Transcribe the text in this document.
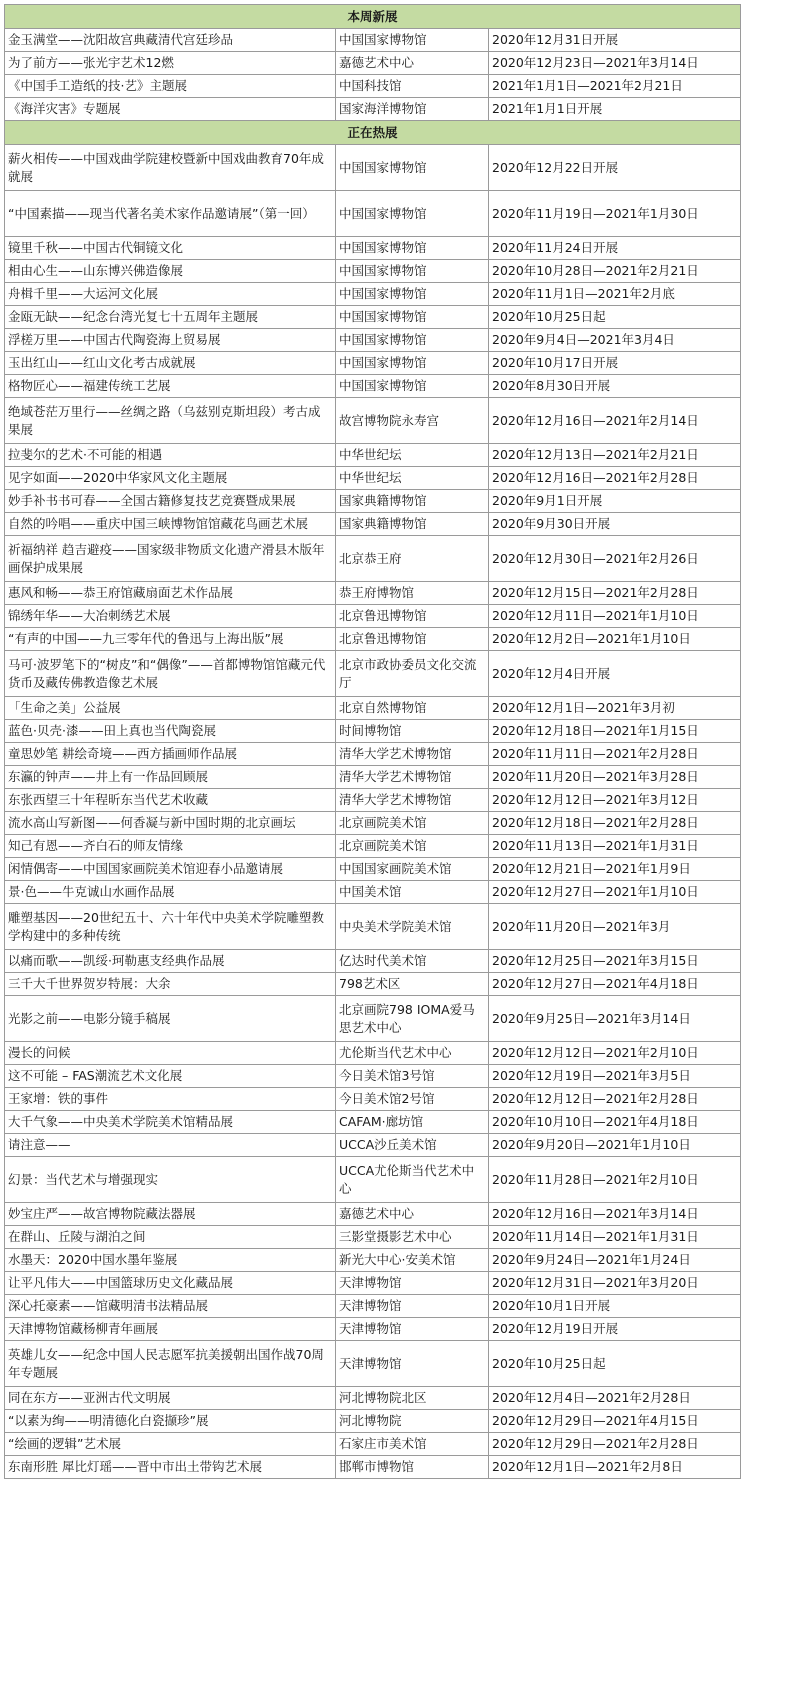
本周新展		
金玉满堂——沈阳故宫典藏清代宫廷珍品	中国国家博物馆	2020年12月31日开展
为了前方——张光宇艺术12燃	嘉德艺术中心	2020年12月23日—2021年3月14日
《中国手工造纸的技·艺》主题展	中国科技馆	2021年1月1日—2021年2月21日
《海洋灾害》专题展	国家海洋博物馆	2021年1月1日开展
正在热展		
薪火相传——中国戏曲学院建校暨新中国戏曲教育70年成就展	中国国家博物馆	2020年12月22日开展
“中国素描——现当代著名美术家作品邀请展”（第一回）	中国国家博物馆	2020年11月19日—2021年1月30日
镜里千秋——中国古代铜镜文化	中国国家博物馆	2020年11月24日开展
相由心生——山东博兴佛造像展	中国国家博物馆	2020年10月28日—2021年2月21日
舟楫千里——大运河文化展	中国国家博物馆	2020年11月1日—2021年2月底
金瓯无缺——纪念台湾光复七十五周年主题展	中国国家博物馆	2020年10月25日起
浮槎万里——中国古代陶瓷海上贸易展	中国国家博物馆	2020年9月4日—2021年3月4日
玉出红山——红山文化考古成就展	中国国家博物馆	2020年10月17日开展
格物匠心——福建传统工艺展	中国国家博物馆	2020年8月30日开展
绝域苍茫万里行——丝绸之路（乌兹别克斯坦段）考古成果展	故宫博物院永寿宫	2020年12月16日—2021年2月14日
拉斐尔的艺术·不可能的相遇	中华世纪坛	2020年12月13日—2021年2月21日
见字如面——2020中华家风文化主题展	中华世纪坛	2020年12月16日—2021年2月28日
妙手补书书可春——全国古籍修复技艺竞赛暨成果展	国家典籍博物馆	2020年9月1日开展
自然的吟唱——重庆中国三峡博物馆馆藏花鸟画艺术展	国家典籍博物馆	2020年9月30日开展
祈福纳祥 趋吉避疫——国家级非物质文化遗产滑县木版年画保护成果展	北京恭王府	2020年12月30日—2021年2月26日
惠风和畅——恭王府馆藏扇面艺术作品展	恭王府博物馆	2020年12月15日—2021年2月28日
锦绣年华——大冶刺绣艺术展	北京鲁迅博物馆	2020年12月11日—2021年1月10日
“有声的中国——九三零年代的鲁迅与上海出版”展	北京鲁迅博物馆	2020年12月2日—2021年1月10日
马可·波罗笔下的“树皮”和“偶像”——首都博物馆馆藏元代货币及藏传佛教造像艺术展	北京市政协委员文化交流厅	2020年12月4日开展
「生命之美」公益展	北京自然博物馆	2020年12月1日—2021年3月初
蓝色·贝壳·漆——田上真也当代陶瓷展	时间博物馆	2020年12月18日—2021年1月15日
童思妙笔 耕绘奇境——西方插画师作品展	清华大学艺术博物馆	2020年11月11日—2021年2月28日
东瀛的钟声——井上有一作品回顾展	清华大学艺术博物馆	2020年11月20日—2021年3月28日
东张西望三十年程昕东当代艺术收藏	清华大学艺术博物馆	2020年12月12日—2021年3月12日
流水高山写新图——何香凝与新中国时期的北京画坛	北京画院美术馆	2020年12月18日—2021年2月28日
知己有恩——齐白石的师友情缘	北京画院美术馆	2020年11月13日—2021年1月31日
闲情偶寄——中国国家画院美术馆迎春小品邀请展	中国国家画院美术馆	2020年12月21日—2021年1月9日
景·色——牛克诚山水画作品展	中国美术馆	2020年12月27日—2021年1月10日
雕塑基因——20世纪五十、六十年代中央美术学院雕塑教学构建中的多种传统	中央美术学院美术馆	2020年11月20日—2021年3月
以痛而歌——凯绥·珂勒惠支经典作品展	亿达时代美术馆	2020年12月25日—2021年3月15日
三千大千世界贺岁特展：大余	798艺术区	2020年12月27日—2021年4月18日
光影之前——电影分镜手稿展	北京画院798 IOMA爱马思艺术中心	2020年9月25日—2021年3月14日
漫长的问候	尤伦斯当代艺术中心	2020年12月12日—2021年2月10日
这不可能 – FAS潮流艺术文化展	今日美术馆3号馆	2020年12月19日—2021年3月5日
王家增：铁的事件	今日美术馆2号馆	2020年12月12日—2021年2月28日
大千气象——中央美术学院美术馆精品展	CAFAM·廊坊馆	2020年10月10日—2021年4月18日
请注意——	UCCA沙丘美术馆	2020年9月20日—2021年1月10日
幻景：当代艺术与增强现实	UCCA尤伦斯当代艺术中心	2020年11月28日—2021年2月10日
妙宝庄严——故宫博物院藏法器展	嘉德艺术中心	2020年12月16日—2021年3月14日
在群山、丘陵与湖泊之间	三影堂摄影艺术中心	2020年11月14日—2021年1月31日
水墨天：2020中国水墨年鉴展	新光大中心·安美术馆	2020年9月24日—2021年1月24日
让平凡伟大——中国篮球历史文化藏品展	天津博物馆	2020年12月31日—2021年3月20日
深心托豪素——馆藏明清书法精品展	天津博物馆	2020年10月1日开展
天津博物馆藏杨柳青年画展	天津博物馆	2020年12月19日开展
英雄儿女——纪念中国人民志愿军抗美援朝出国作战70周年专题展	天津博物馆	2020年10月25日起
同在东方——亚洲古代文明展	河北博物院北区	2020年12月4日—2021年2月28日
“以素为绚——明清德化白瓷撷珍”展	河北博物院	2020年12月29日—2021年4月15日
“绘画的逻辑”艺术展	石家庄市美术馆	2020年12月29日—2021年2月28日
东南形胜 犀比灯瑶——晋中市出土带钩艺术展	邯郸市博物馆	2020年12月1日—2021年2月8日
